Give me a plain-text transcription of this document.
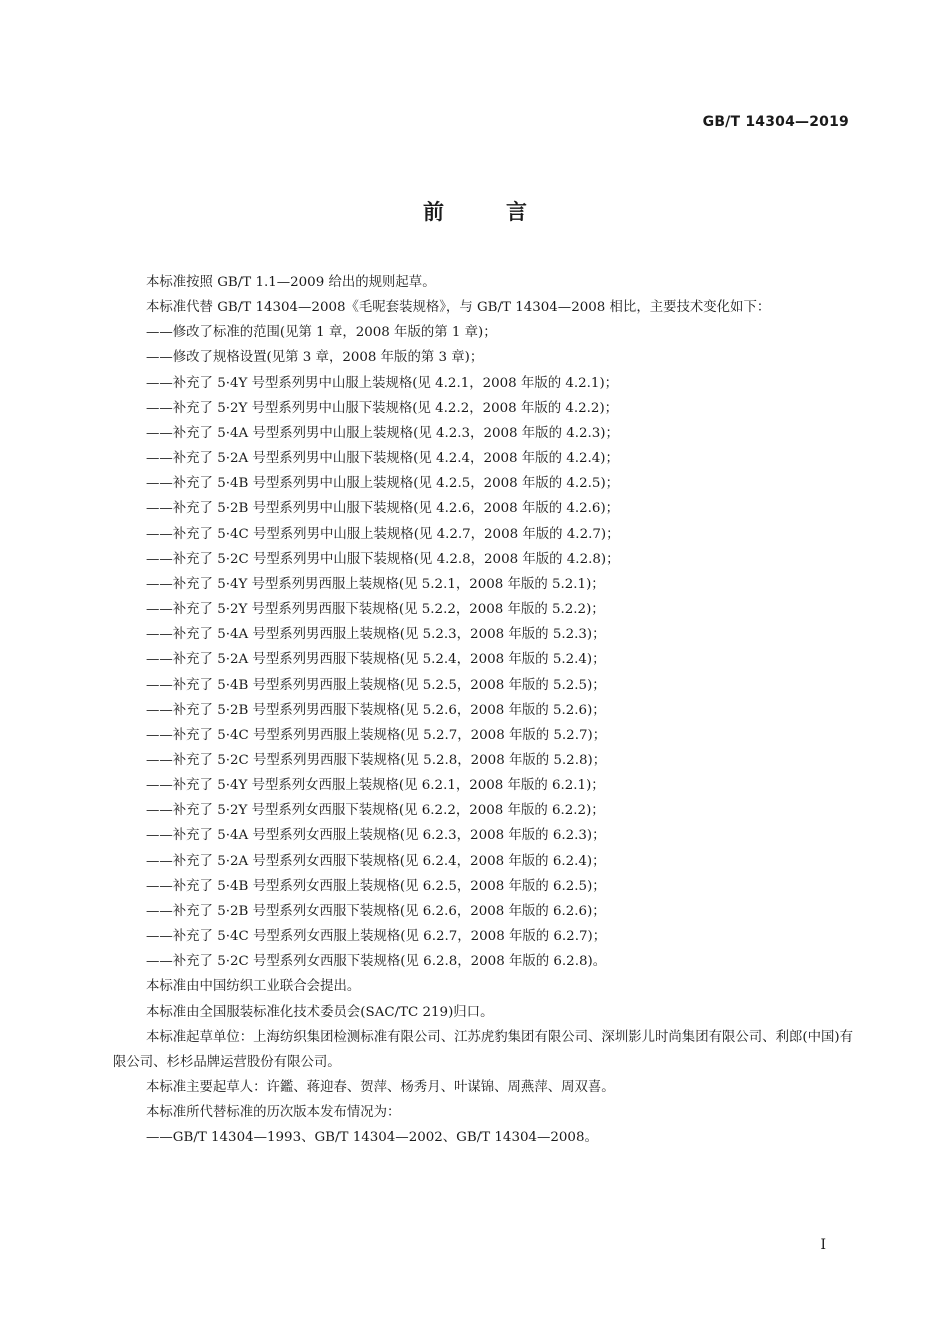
GB/T 14304—2019
前	言

本标准按照 GB/T 1.1—2009 给出的规则起草。

本标准代替 GB/T 14304—2008《毛呢套装规格》，与 GB/T 14304—2008 相比，主要技术变化如下：

——修改了标准的范围(见第 1 章，2008 年版的第 1 章)；

——修改了规格设置(见第 3 章，2008 年版的第 3 章)；

——补充了 5·4Y 号型系列男中山服上装规格(见 4.2.1，2008 年版的 4.2.1)；

——补充了 5·2Y 号型系列男中山服下装规格(见 4.2.2，2008 年版的 4.2.2)；

——补充了 5·4A 号型系列男中山服上装规格(见 4.2.3，2008 年版的 4.2.3)；

——补充了 5·2A 号型系列男中山服下装规格(见 4.2.4，2008 年版的 4.2.4)；

——补充了 5·4B 号型系列男中山服上装规格(见 4.2.5，2008 年版的 4.2.5)；

——补充了 5·2B 号型系列男中山服下装规格(见 4.2.6，2008 年版的 4.2.6)；

——补充了 5·4C 号型系列男中山服上装规格(见 4.2.7，2008 年版的 4.2.7)；

——补充了 5·2C 号型系列男中山服下装规格(见 4.2.8，2008 年版的 4.2.8)；

——补充了 5·4Y 号型系列男西服上装规格(见 5.2.1，2008 年版的 5.2.1)；

——补充了 5·2Y 号型系列男西服下装规格(见 5.2.2，2008 年版的 5.2.2)；

——补充了 5·4A 号型系列男西服上装规格(见 5.2.3，2008 年版的 5.2.3)；

——补充了 5·2A 号型系列男西服下装规格(见 5.2.4，2008 年版的 5.2.4)；

——补充了 5·4B 号型系列男西服上装规格(见 5.2.5，2008 年版的 5.2.5)；

——补充了 5·2B 号型系列男西服下装规格(见 5.2.6，2008 年版的 5.2.6)；

——补充了 5·4C 号型系列男西服上装规格(见 5.2.7，2008 年版的 5.2.7)；

——补充了 5·2C 号型系列男西服下装规格(见 5.2.8，2008 年版的 5.2.8)；

——补充了 5·4Y 号型系列女西服上装规格(见 6.2.1，2008 年版的 6.2.1)；

——补充了 5·2Y 号型系列女西服下装规格(见 6.2.2，2008 年版的 6.2.2)；

——补充了 5·4A 号型系列女西服上装规格(见 6.2.3，2008 年版的 6.2.3)；

——补充了 5·2A 号型系列女西服下装规格(见 6.2.4，2008 年版的 6.2.4)；

——补充了 5·4B 号型系列女西服上装规格(见 6.2.5，2008 年版的 6.2.5)；

——补充了 5·2B 号型系列女西服下装规格(见 6.2.6，2008 年版的 6.2.6)；

——补充了 5·4C 号型系列女西服上装规格(见 6.2.7，2008 年版的 6.2.7)；

——补充了 5·2C 号型系列女西服下装规格(见 6.2.8，2008 年版的 6.2.8)。

本标准由中国纺织工业联合会提出。

本标准由全国服装标准化技术委员会(SAC/TC 219)归口。

本标准起草单位：上海纺织集团检测标准有限公司、江苏虎豹集团有限公司、深圳影儿时尚集团有限公司、利郎(中国)有限公司、杉杉品牌运营股份有限公司。

本标准主要起草人：许鑑、蒋迎春、贺萍、杨秀月、叶谋锦、周燕萍、周双喜。

本标准所代替标准的历次版本发布情况为：

——GB/T 14304—1993、GB/T 14304—2002、GB/T 14304—2008。

I
